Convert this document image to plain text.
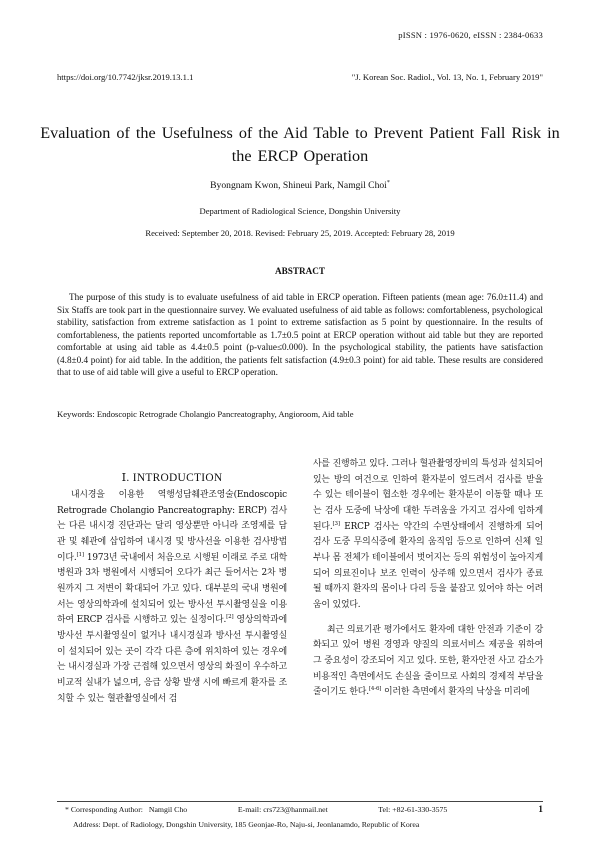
pISSN : 1976-0620, eISSN : 2384-0633
https://doi.org/10.7742/jksr.2019.13.1.1	"J. Korean Soc. Radiol., Vol. 13, No. 1, February 2019"
Evaluation of the Usefulness of the Aid Table to Prevent Patient Fall Risk in the ERCP Operation
Byongnam Kwon, Shineui Park, Namgil Choi*
Department of Radiological Science, Dongshin University
Received: September 20, 2018. Revised: February 25, 2019. Accepted: February 28, 2019
ABSTRACT
The purpose of this study is to evaluate usefulness of aid table in ERCP operation. Fifteen patients (mean age: 76.0±11.4) and Six Staffs are took part in the questionnaire survey. We evaluated usefulness of aid table as follows: comfortableness, psychological stability, satisfaction from extreme satisfaction as 1 point to extreme satisfaction as 5 point by questionnaire. In the results of comfortableness, the patients reported uncomfortable as 1.7±0.5 point at ERCP operation without aid table but they are reported comfortable at using aid table as 4.4±0.5 point (p-value≤0.000). In the psychological stability, the patients have satisfaction (4.8±0.4 point) for aid table. In the addition, the patients felt satisfaction (4.9±0.3 point) for aid table. These results are considered that to use of aid table will give a useful to ERCP operation.
Keywords: Endoscopic Retrograde Cholangio Pancreatography, Angioroom, Aid table
Ⅰ. INTRODUCTION

내시경을 이용한 역행성담췌관조영술(Endoscopic Retrograde Cholangio Pancreatography: ERCP) 검사는 다른 내시경 진단과는 달리 영상뿐만 아니라 조영제를 담관 및 췌관에 삽입하여 내시경 및 방사선을 이용한 검사방법이다.[1] 1973년 국내에서 처음으로 시행된 이래로 주로 대학병원과 3차 병원에서 시행되어 오다가 최근 들어서는 2차 병원까지 그 저변이 확대되어 가고 있다. 대부분의 국내 병원에서는 영상의학과에 설치되어 있는 방사선 투시촬영실을 이용하여 ERCP 검사를 시행하고 있는 실정이다.[2] 영상의학과에 방사선 투시촬영실이 없거나 내시경실과 방사선 투시촬영실이 설치되어 있는 곳이 각각 다른 층에 위치하여 있는 경우에는 내시경실과 가장 근접해 있으면서 영상의 화질이 우수하고 비교적 실내가 넓으며, 응급 상황 발생 시에 빠르게 환자를 조치할 수 있는 혈관촬영실에서 검

사를 진행하고 있다. 그러나 혈관촬영장비의 특성과 설치되어 있는 방의 여건으로 인하여 환자분이 엎드려서 검사를 받을 수 있는 테이블이 협소한 경우에는 환자분이 이동할 때나 또는 검사 도중에 낙상에 대한 두려움을 가지고 검사에 임하게 된다.[3] ERCP 검사는 약간의 수면상태에서 진행하게 되어 검사 도중 무의식중에 환자의 움직임 등으로 인하여 신체 일부나 몸 전체가 테이블에서 벗어지는 등의 위험성이 높아지게 되어 의료진이나 보조 인력이 상주해 있으면서 검사가 종료 될 때까지 환자의 몸이나 다리 등을 붙잡고 있어야 하는 어려움이 있었다.

최근 의료기관 평가에서도 환자에 대한 안전과 기준이 강화되고 있어 병원 경영과 양질의 의료서비스 제공을 위하여 그 중요성이 강조되어 지고 있다. 또한, 환자안전 사고 감소가 비용적인 측면에서도 손실을 줄이므로 사회의 경제적 부담을 줄이기도 한다.[4-6] 이러한 측면에서 환자의 낙상을 미리에

* Corresponding Author: Namgil Cho	E-mail: crs723@hanmail.net	Tel: +82-61-330-3575
Address: Dept. of Radiology, Dongshin University, 185 Geonjae-Ro, Naju-si, Jeonlanamdo, Republic of Korea
1
